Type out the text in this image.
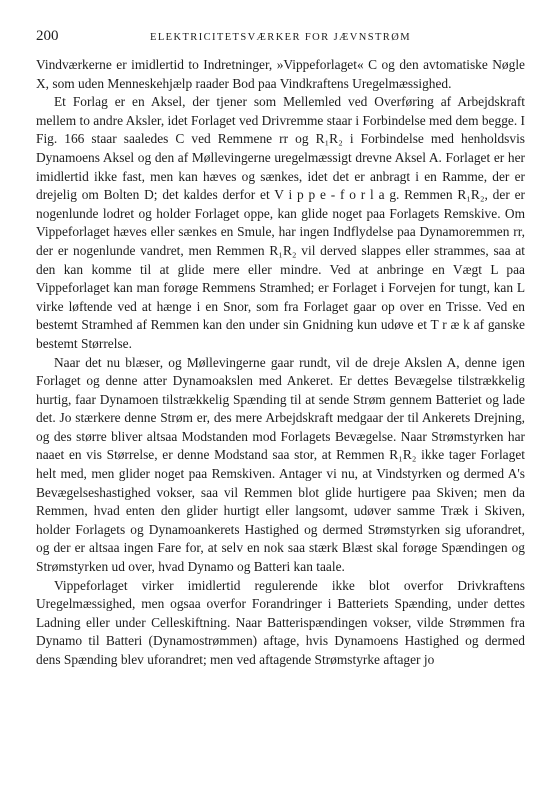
200	ELEKTRICITETSVÆRKER FOR JÆVNSTRØM

Vindværkerne er imidlertid to Indretninger, »Vippeforlaget« C og den avtomatiske Nøgle X, som uden Menneskehjælp raader Bod paa Vindkraftens Uregelmæssighed.

Et Forlag er en Aksel, der tjener som Mellemled ved Overføring af Arbejdskraft mellem to andre Aksler, idet Forlaget ved Drivremme staar i Forbindelse med dem begge. I Fig. 166 staar saaledes C ved Remmene rr og R₁R₂ i Forbindelse med henholdsvis Dynamoens Aksel og den af Møllevingerne uregelmæssigt drevne Aksel A. Forlaget er her imidlertid ikke fast, men kan hæves og sænkes, idet det er anbragt i en Ramme, der er drejelig om Bolten D; det kaldes derfor et V i p p e - f o r l a g. Remmen R₁R₂, der er nogenlunde lodret og holder Forlaget oppe, kan glide noget paa Forlagets Remskive. Om Vippeforlaget hæves eller sænkes en Smule, har ingen Indflydelse paa Dynamoremmen rr, der er nogenlunde vandret, men Remmen R₁R₂ vil derved slappes eller strammes, saa at den kan komme til at glide mere eller mindre. Ved at anbringe en Vægt L paa Vippeforlaget kan man forøge Remmens Stramhed; er Forlaget i Forvejen for tungt, kan L virke løftende ved at hænge i en Snor, som fra Forlaget gaar op over en Trisse. Ved en bestemt Stramhed af Remmen kan den under sin Gnidning kun udøve et T r æ k af ganske bestemt Størrelse.

Naar det nu blæser, og Møllevingerne gaar rundt, vil de dreje Akslen A, denne igen Forlaget og denne atter Dynamoakslen med Ankeret. Er dettes Bevægelse tilstrækkelig hurtig, faar Dynamoen tilstrækkelig Spænding til at sende Strøm gennem Batteriet og lade det. Jo stærkere denne Strøm er, des mere Arbejdskraft medgaar der til Ankerets Drejning, og des større bliver altsaa Modstanden mod Forlagets Bevægelse. Naar Strømstyrken har naaet en vis Størrelse, er denne Modstand saa stor, at Remmen R₁R₂ ikke tager Forlaget helt med, men glider noget paa Remskiven. Antager vi nu, at Vindstyrken og dermed A's Bevægelseshastighed vokser, saa vil Remmen blot glide hurtigere paa Skiven; men da Remmen, hvad enten den glider hurtigt eller langsomt, udøver samme Træk i Skiven, holder Forlagets og Dynamoankerets Hastighed og dermed Strømstyrken sig uforandret, og der er altsaa ingen Fare for, at selv en nok saa stærk Blæst skal forøge Spændingen og Strømstyrken ud over, hvad Dynamo og Batteri kan taale.

Vippeforlaget virker imidlertid regulerende ikke blot overfor Drivkraftens Uregelmæssighed, men ogsaa overfor Forandringer i Batteriets Spænding, under dettes Ladning eller under Celleskiftning. Naar Batterispændingen vokser, vilde Strømmen fra Dynamo til Batteri (Dynamostrømmen) aftage, hvis Dynamoens Hastighed og dermed dens Spænding blev uforandret; men ved aftagende Strømstyrke aftager jo
